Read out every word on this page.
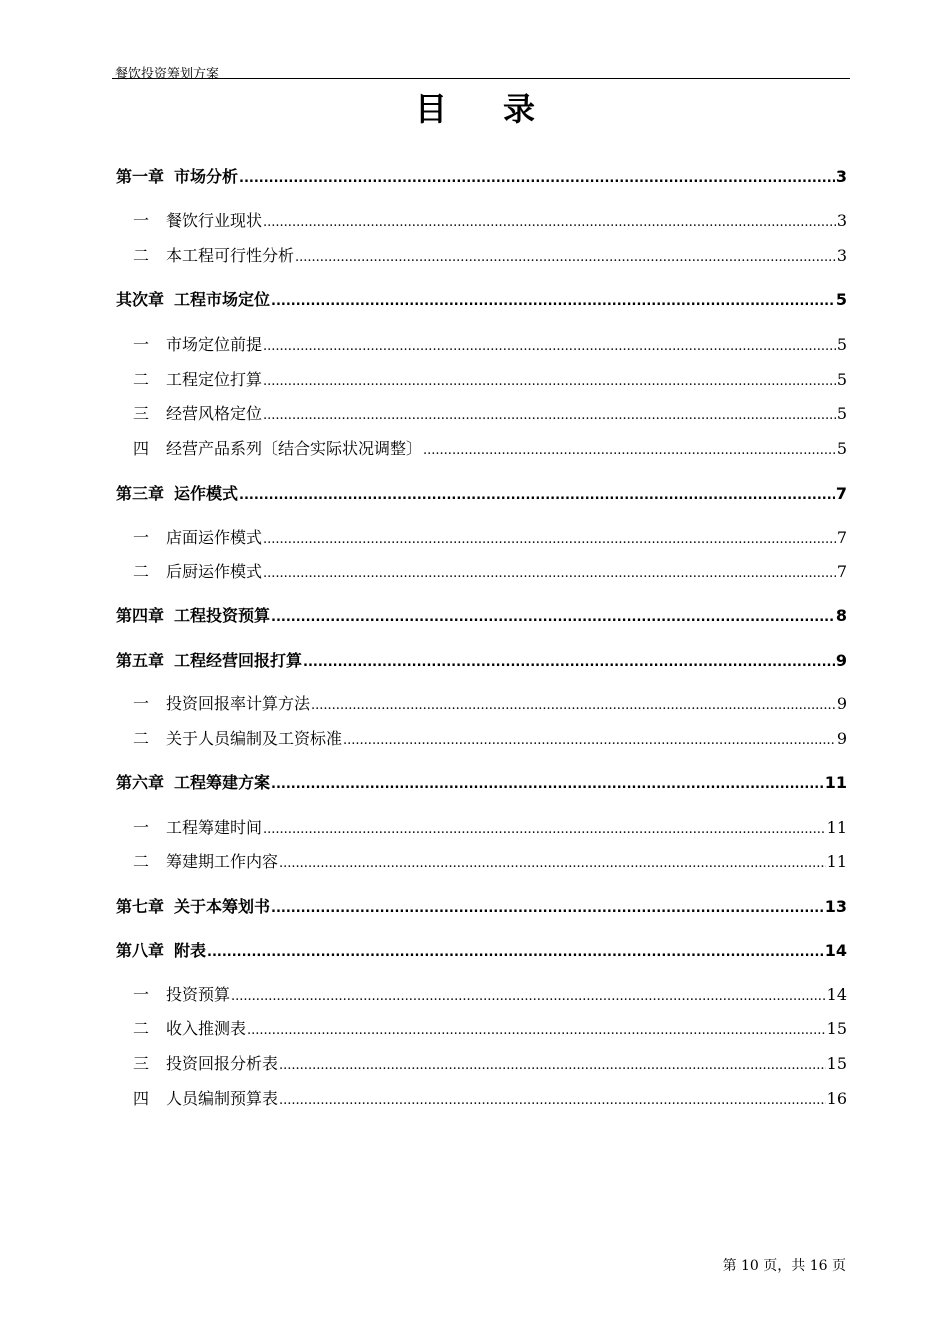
餐饮投资筹划方案
目录
第一章 市场分析 .....	3
一	餐饮行业现状 .....	3
二	本工程可行性分析 .....	3
其次章 工程市场定位 .....	5
一	市场定位前提 .....	5
二	工程定位打算 .....	5
三	经营风格定位 .....	5
四	经营产品系列〔结合实际状况调整〕 .....	5
第三章 运作模式 .....	7
一	店面运作模式 .....	7
二	后厨运作模式 .....	7
第四章 工程投资预算 .....	8
第五章 工程经营回报打算 .....	9
一	投资回报率计算方法 .....	9
二	关于人员编制及工资标准 .....	9
第六章 工程筹建方案 .....	11
一	工程筹建时间 .....	11
二	筹建期工作内容 .....	11
第七章 关于本筹划书 .....	13
第八章 附表 .....	14
一	投资预算 .....	14
二	收入推测表 .....	15
三	投资回报分析表 .....	15
四	人员编制预算表 .....	16
第 10 页，共 16 页
